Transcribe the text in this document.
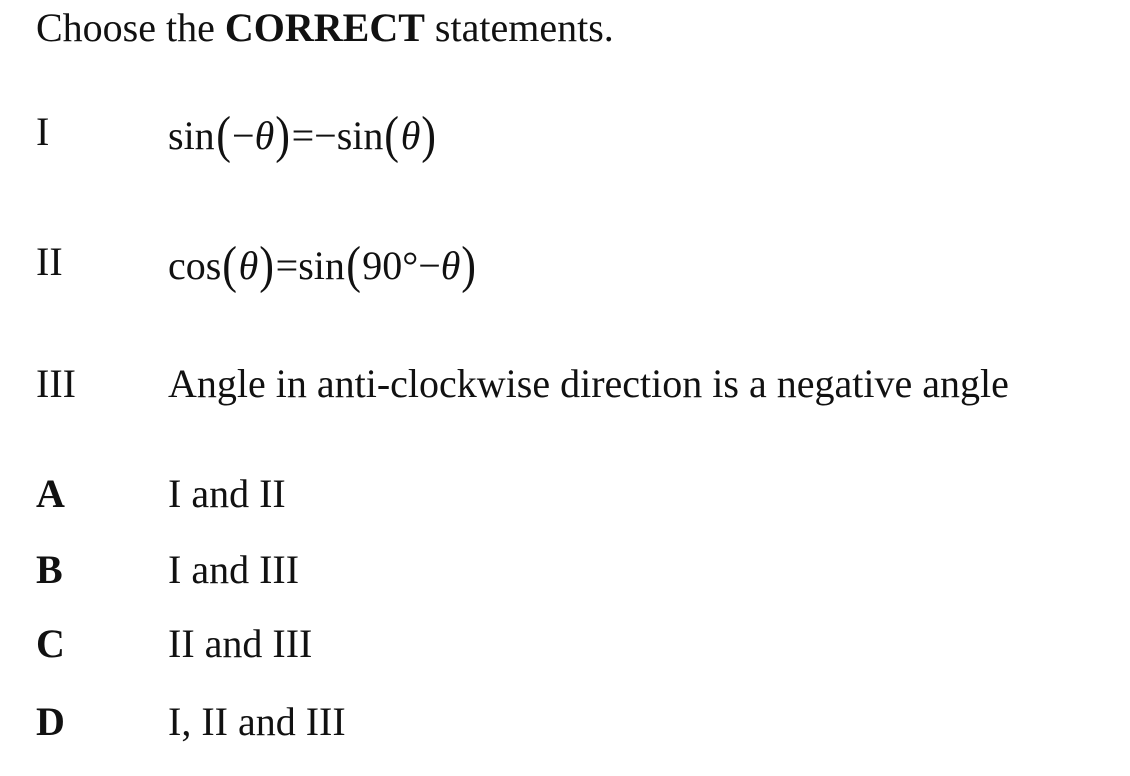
Choose the CORRECT statements.
I	sin(−θ)=−sin(θ)
II	cos(θ)=sin(90°−θ)
III Angle in anti-clockwise direction is a negative angle
A	I and II
B	I and III
C	II and III
D	I, II and III
